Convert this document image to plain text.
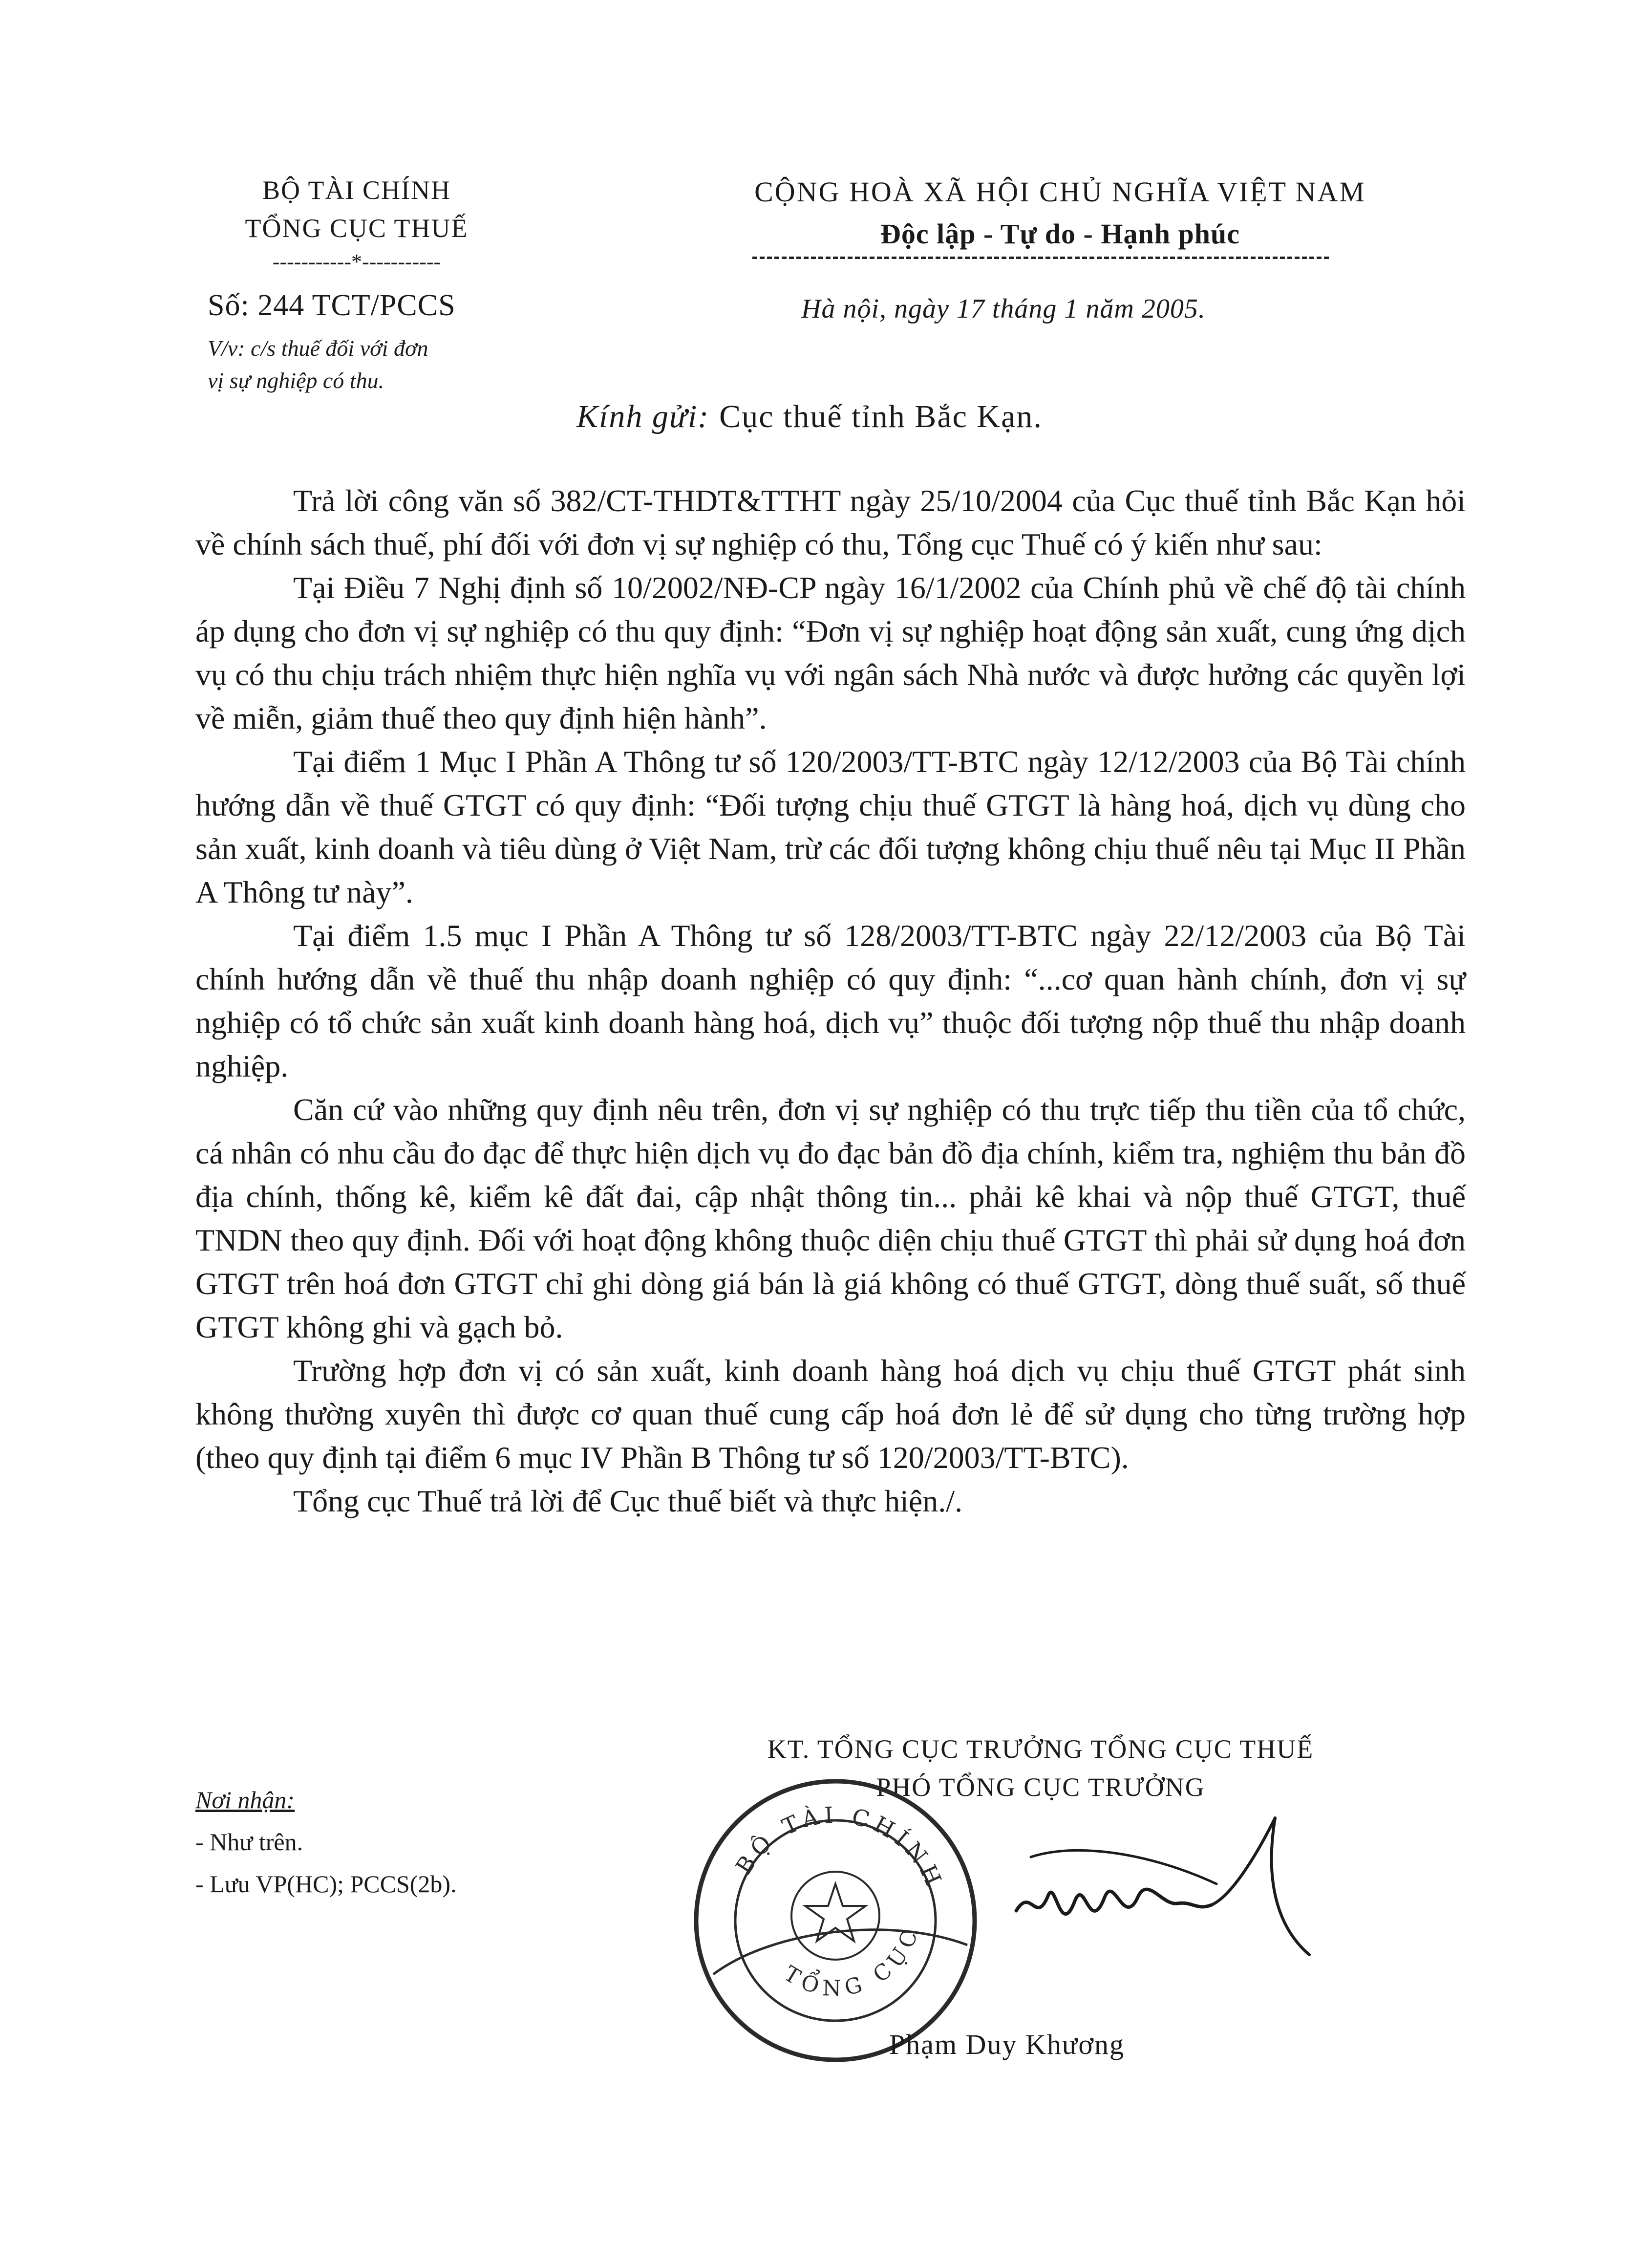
BỘ TÀI CHÍNH
TỔNG CỤC THUẾ
-----------*-----------
Số: 244 TCT/PCCS
V/v: c/s thuế đối với đơn
vị sự nghiệp có thu.
CỘNG HOÀ XÃ HỘI CHỦ NGHĨA VIỆT NAM
Độc lập - Tự do - Hạnh phúc
Hà nội, ngày 17 tháng 1 năm 2005.
Kính gửi: Cục thuế tỉnh Bắc Kạn.

Trả lời công văn số 382/CT-THDT&TTHT ngày 25/10/2004 của Cục thuế tỉnh Bắc Kạn hỏi về chính sách thuế, phí đối với đơn vị sự nghiệp có thu, Tổng cục Thuế có ý kiến như sau:

Tại Điều 7 Nghị định số 10/2002/NĐ-CP ngày 16/1/2002 của Chính phủ về chế độ tài chính áp dụng cho đơn vị sự nghiệp có thu quy định: “Đơn vị sự nghiệp hoạt động sản xuất, cung ứng dịch vụ có thu chịu trách nhiệm thực hiện nghĩa vụ với ngân sách Nhà nước và được hưởng các quyền lợi về miễn, giảm thuế theo quy định hiện hành”.

Tại điểm 1 Mục I Phần A Thông tư số 120/2003/TT-BTC ngày 12/12/2003 của Bộ Tài chính hướng dẫn về thuế GTGT có quy định: “Đối tượng chịu thuế GTGT là hàng hoá, dịch vụ dùng cho sản xuất, kinh doanh và tiêu dùng ở Việt Nam, trừ các đối tượng không chịu thuế nêu tại Mục II Phần A Thông tư này”.

Tại điểm 1.5 mục I Phần A Thông tư số 128/2003/TT-BTC ngày 22/12/2003 của Bộ Tài chính hướng dẫn về thuế thu nhập doanh nghiệp có quy định: “...cơ quan hành chính, đơn vị sự nghiệp có tổ chức sản xuất kinh doanh hàng hoá, dịch vụ” thuộc đối tượng nộp thuế thu nhập doanh nghiệp.

Căn cứ vào những quy định nêu trên, đơn vị sự nghiệp có thu trực tiếp thu tiền của tổ chức, cá nhân có nhu cầu đo đạc để thực hiện dịch vụ đo đạc bản đồ địa chính, kiểm tra, nghiệm thu bản đồ địa chính, thống kê, kiểm kê đất đai, cập nhật thông tin... phải kê khai và nộp thuế GTGT, thuế TNDN theo quy định. Đối với hoạt động không thuộc diện chịu thuế GTGT thì phải sử dụng hoá đơn GTGT trên hoá đơn GTGT chỉ ghi dòng giá bán là giá không có thuế GTGT, dòng thuế suất, số thuế GTGT không ghi và gạch bỏ.

Trường hợp đơn vị có sản xuất, kinh doanh hàng hoá dịch vụ chịu thuế GTGT phát sinh không thường xuyên thì được cơ quan thuế cung cấp hoá đơn lẻ để sử dụng cho từng trường hợp (theo quy định tại điểm 6 mục IV Phần B Thông tư số 120/2003/TT-BTC).

Tổng cục Thuế trả lời để Cục thuế biết và thực hiện./.

KT. TỔNG CỤC TRƯỞNG TỔNG CỤC THUẾ
PHÓ TỔNG CỤC TRƯỞNG
Nơi nhận:
- Như trên.
- Lưu VP(HC); PCCS(2b).
BỘ TÀI CHÍNH
TỔNG CỤC
Phạm Duy Khương
